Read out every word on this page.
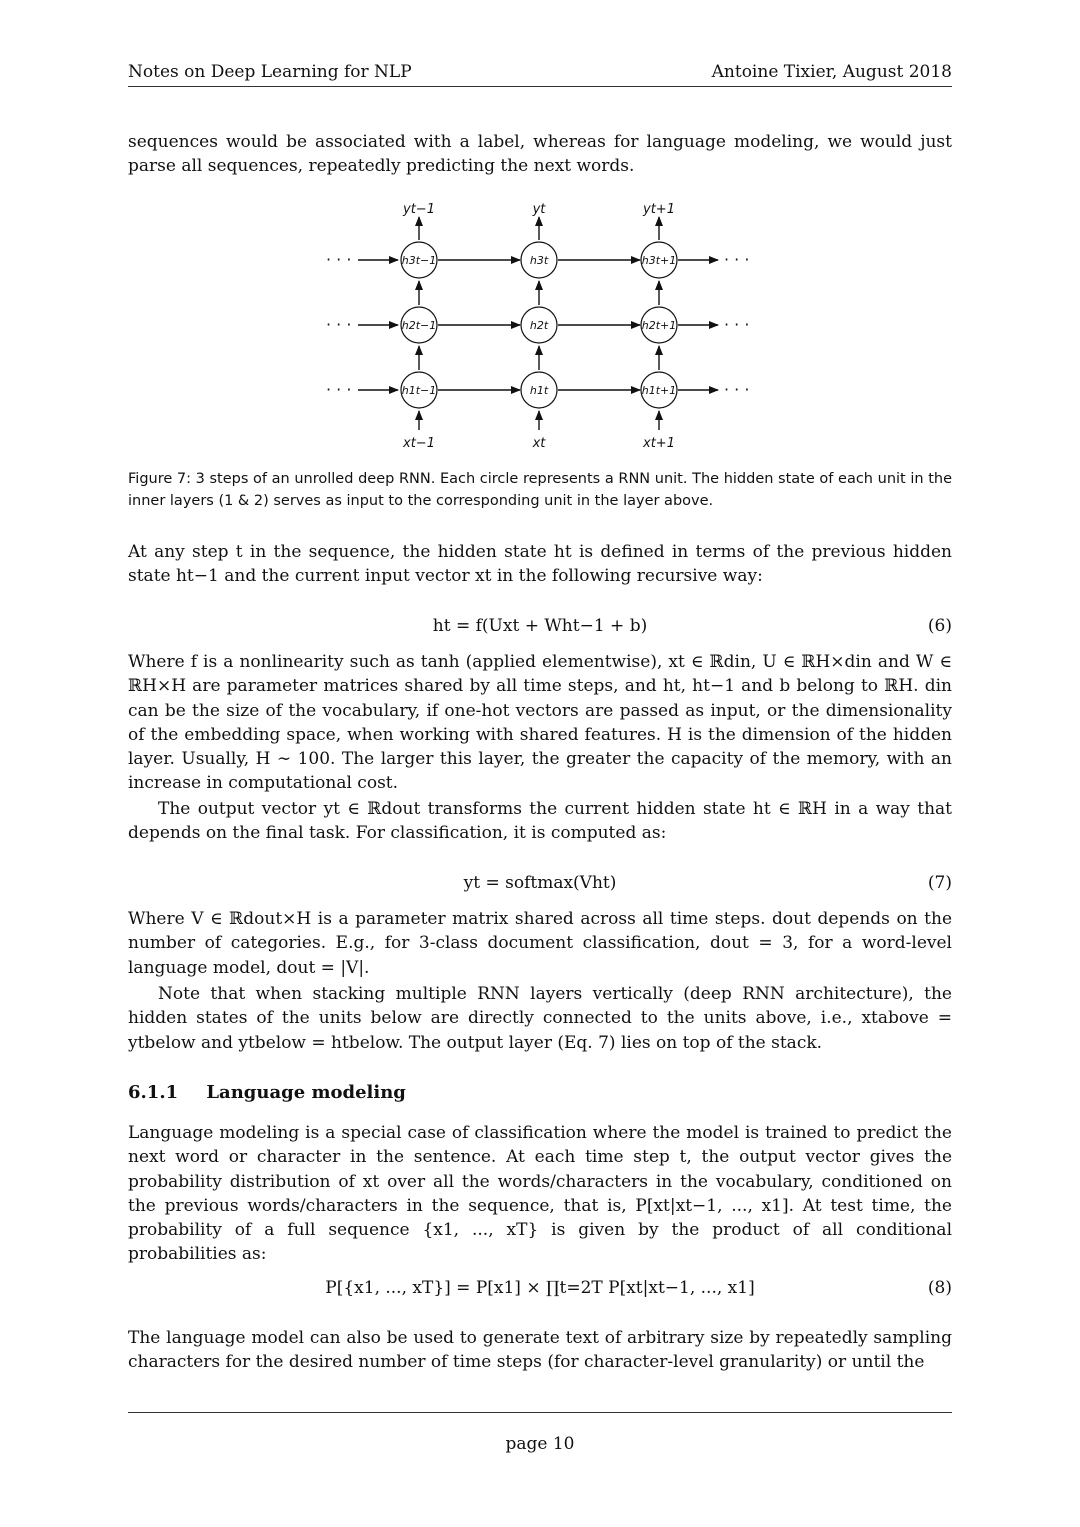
Notes on Deep Learning for NLP	Antoine Tixier, August 2018
sequences would be associated with a label, whereas for language modeling, we would just parse all sequences, repeatedly predicting the next words.
· · ·
· · ·
· · ·
· · ·
· · ·
· · ·
h3t−1	h3t	h3t+1
h2t−1	h2t	h2t+1
h1t−1	h1t	h1t+1
yt−1	yt	yt+1
xt−1	xt	xt+1
Figure 7: 3 steps of an unrolled deep RNN. Each circle represents a RNN unit. The hidden state of each unit in the inner layers (1 & 2) serves as input to the corresponding unit in the layer above.
At any step t in the sequence, the hidden state ht is defined in terms of the previous hidden state ht−1 and the current input vector xt in the following recursive way:
ht = f(Uxt + Wht−1 + b)	(6)
Where f is a nonlinearity such as tanh (applied elementwise), xt ∈ ℝdin, U ∈ ℝH×din and W ∈ ℝH×H are parameter matrices shared by all time steps, and ht, ht−1 and b belong to ℝH. din can be the size of the vocabulary, if one-hot vectors are passed as input, or the dimensionality of the embedding space, when working with shared features. H is the dimension of the hidden layer. Usually, H ∼ 100. The larger this layer, the greater the capacity of the memory, with an increase in computational cost.
The output vector yt ∈ ℝdout transforms the current hidden state ht ∈ ℝH in a way that depends on the final task. For classification, it is computed as:
yt = softmax(Vht)	(7)
Where V ∈ ℝdout×H is a parameter matrix shared across all time steps. dout depends on the number of categories. E.g., for 3-class document classification, dout = 3, for a word-level language model, dout = |V|.
Note that when stacking multiple RNN layers vertically (deep RNN architecture), the hidden states of the units below are directly connected to the units above, i.e., xtabove = ytbelow and ytbelow = htbelow. The output layer (Eq. 7) lies on top of the stack.
6.1.1 Language modeling
Language modeling is a special case of classification where the model is trained to predict the next word or character in the sentence. At each time step t, the output vector gives the probability distribution of xt over all the words/characters in the vocabulary, conditioned on the previous words/characters in the sequence, that is, P[xt|xt−1, ..., x1]. At test time, the probability of a full sequence {x1, ..., xT} is given by the product of all conditional probabilities as:
P[{x1, ..., xT}] = P[x1] × ∏t=2T P[xt|xt−1, ..., x1]	(8)
The language model can also be used to generate text of arbitrary size by repeatedly sampling characters for the desired number of time steps (for character-level granularity) or until the
page 10
